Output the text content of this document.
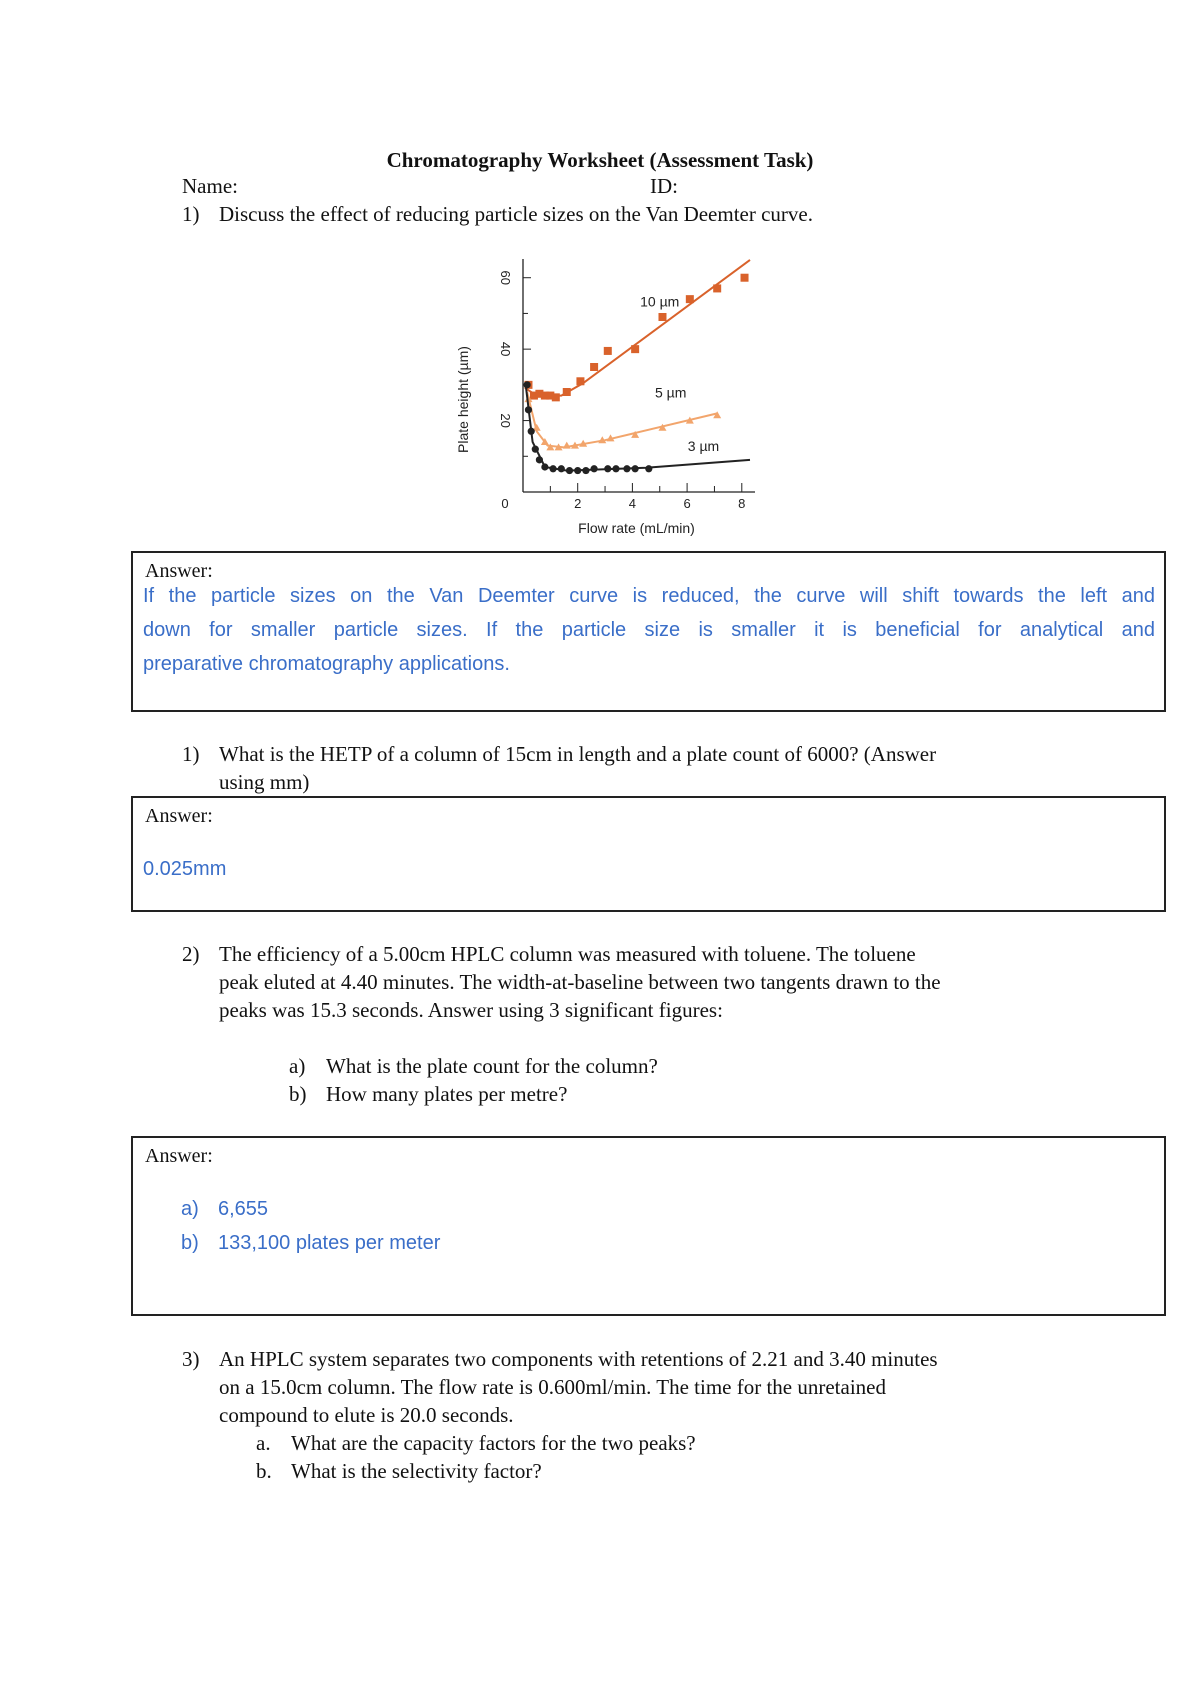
Chromatography Worksheet (Assessment Task)
Name:	ID:
1) Discuss the effect of reducing particle sizes on the Van Deemter curve.
20
40
60
0	2	4	6	8
Flow rate (mL/min)
Plate height (µm)
10 µm
5 µm
3 µm
Answer:
If the particle sizes on the Van Deemter curve is reduced, the curve will shift towards the left and
down for smaller particle sizes. If the particle size is smaller it is beneficial for analytical and
preparative chromatography applications.
1) What is the HETP of a column of 15cm in length and a plate count of 6000? (Answer
using mm)
Answer:
0.025mm
2) The efficiency of a 5.00cm HPLC column was measured with toluene. The toluene
peak eluted at 4.40 minutes. The width-at-baseline between two tangents drawn to the
peaks was 15.3 seconds. Answer using 3 significant figures:
a) What is the plate count for the column?
b) How many plates per metre?
Answer:
a) 6,655
b) 133,100 plates per meter
3) An HPLC system separates two components with retentions of 2.21 and 3.40 minutes
on a 15.0cm column. The flow rate is 0.600ml/min. The time for the unretained
compound to elute is 20.0 seconds.
a. What are the capacity factors for the two peaks?
b. What is the selectivity factor?
